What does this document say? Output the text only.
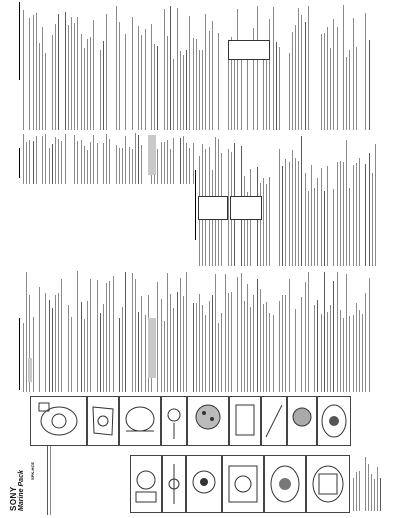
SONY Marine Pack SPK-HCE
